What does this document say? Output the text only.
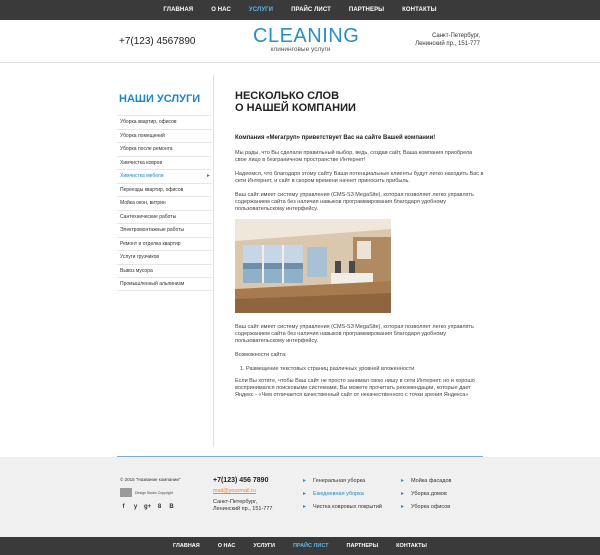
ГЛАВНАЯ	О НАС	УСЛУГИ	ПРАЙС ЛИСТ	ПАРТНЕРЫ	КОНТАКТЫ
+7(123) 4567890	CLEANING
клининговые услуги
Санкт-Петербург,
Ленинский пр., 151-777
НАШИ УСЛУГИ
Уборка квартир, офисов
Уборка помещений
Уборка после ремонта
Химчистка ковров
Химчистка мебели ▸
Переезды квартир, офисов
Мойка окон, витрин
Сантехнические работы
Электромонтажные работы
Ремонт и отделка квартир
Услуги грузчиков
Вывоз мусора
Промышленный альпинизм
НЕСКОЛЬКО СЛОВ
О НАШЕЙ КОМПАНИИ
Компания «Мегагруп» приветствует Вас на сайте Вашей компании!

Мы рады, что Вы сделали правильный выбор, ведь, создав сайт, Ваша компания приобрела свое лицо в безграничном пространстве Интернет!

Надеемся, что благодаря этому сайту Ваши потенциальные клиенты будут легко находить Вас в сети Интернет, и сайт в скором времени начнет приносить прибыль.

Ваш сайт имеет систему управления (CMS-S3 MegaSite), которая позволяет легко управлять содержанием сайта без наличия навыков программирования благодаря удобному пользовательскому интерфейсу.

Ваш сайт имеет систему управления (CMS-S3 MegaSite), которая позволяет легко управлять содержанием сайта без наличия навыков программирования благодаря удобному пользовательскому интерфейсу.

Возможности сайта:

1. Размещение текстовых страниц различных уровней вложенности

Если Вы хотите, чтобы Ваш сайт не просто занимал свою нишу в сети Интернет, но и хорошо воспринимался поисковыми системами, Вы можете прочитать рекомендации, которые дает Яндекс - «Чем отличается качественный сайт от некачественного с точки зрения Яндекса»

© 2015 "Название компании"
Design Studio Copyright
f	y	g+	8	B
+7(123) 456 7890
mail@yourmail.ru
Санкт-Петербург,
Ленинский пр., 151-777
▸ Генеральная уборка
▸ Ежедневная уборка
▸ Чистка ковровых покрытий
▸ Мойка фасадов
▸ Уборка домов
▸ Уборка офисов
ГЛАВНАЯ	О НАС	УСЛУГИ	ПРАЙС ЛИСТ	ПАРТНЕРЫ	КОНТАКТЫ
